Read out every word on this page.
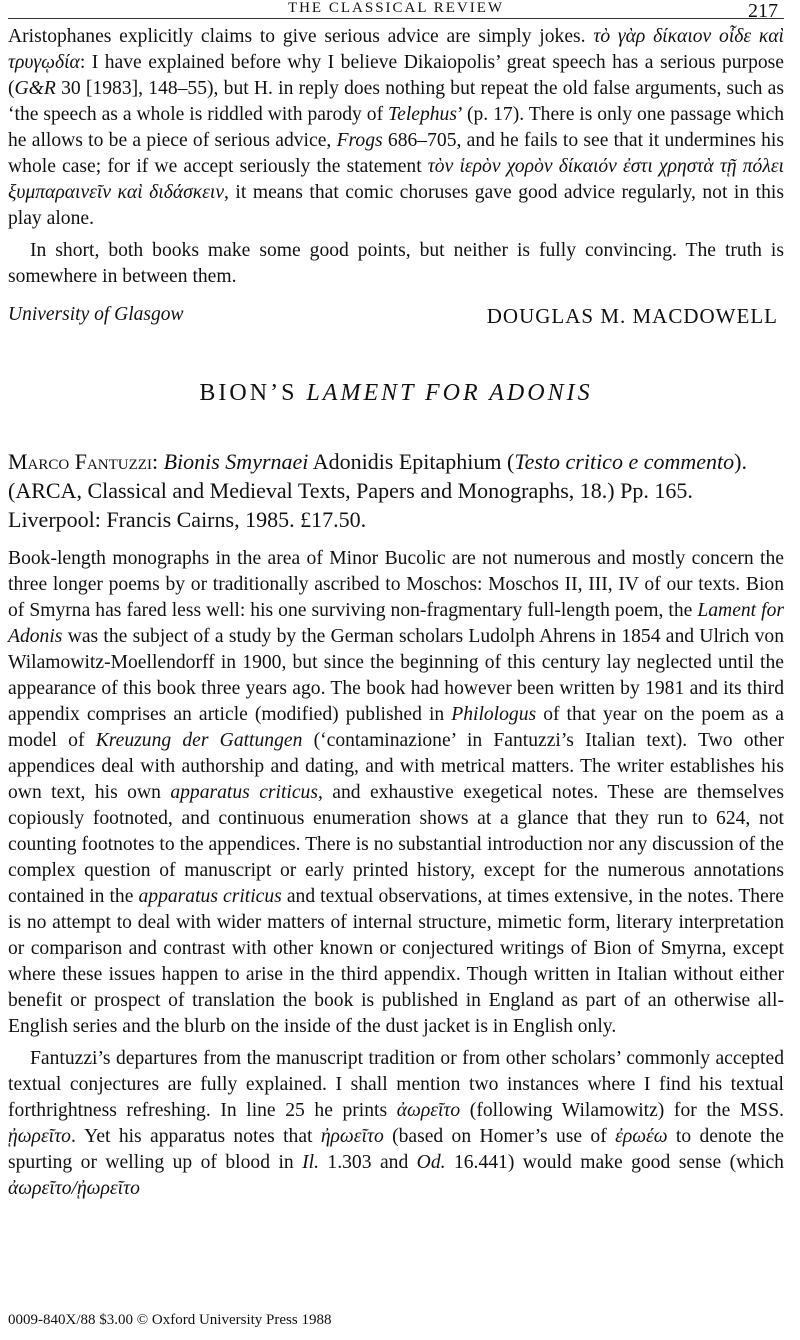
THE CLASSICAL REVIEW	217

Aristophanes explicitly claims to give serious advice are simply jokes. τὸ γὰρ δίκαιον οἶδε καὶ τρυγῳδία: I have explained before why I believe Dikaiopolis’ great speech has a serious purpose (G&R 30 [1983], 148–55), but H. in reply does nothing but repeat the old false arguments, such as ‘the speech as a whole is riddled with parody of Telephus’ (p. 17). There is only one passage which he allows to be a piece of serious advice, Frogs 686–705, and he fails to see that it undermines his whole case; for if we accept seriously the statement τὸν ἱερὸν χορὸν δίκαιόν ἐστι χρηστὰ τῇ πόλει ξυμπαραινεῖν καὶ διδάσκειν, it means that comic choruses gave good advice regularly, not in this play alone.

In short, both books make some good points, but neither is fully convincing. The truth is somewhere in between them.

University of Glasgow	DOUGLAS M. MACDOWELL
BION’S LAMENT FOR ADONIS

Marco Fantuzzi: Bionis Smyrnaei Adonidis Epitaphium (Testo critico e commento). (ARCA, Classical and Medieval Texts, Papers and Monographs, 18.) Pp. 165. Liverpool: Francis Cairns, 1985. £17.50.

Book-length monographs in the area of Minor Bucolic are not numerous and mostly concern the three longer poems by or traditionally ascribed to Moschos: Moschos II, III, IV of our texts. Bion of Smyrna has fared less well: his one surviving non-fragmentary full-length poem, the Lament for Adonis was the subject of a study by the German scholars Ludolph Ahrens in 1854 and Ulrich von Wilamowitz-Moellendorff in 1900, but since the beginning of this century lay neglected until the appearance of this book three years ago. The book had however been written by 1981 and its third appendix comprises an article (modified) published in Philologus of that year on the poem as a model of Kreuzung der Gattungen (‘contaminazione’ in Fantuzzi’s Italian text). Two other appendices deal with authorship and dating, and with metrical matters. The writer establishes his own text, his own apparatus criticus, and exhaustive exegetical notes. These are themselves copiously footnoted, and continuous enumeration shows at a glance that they run to 624, not counting footnotes to the appendices. There is no substantial introduction nor any discussion of the complex question of manuscript or early printed history, except for the numerous annotations contained in the apparatus criticus and textual observations, at times extensive, in the notes. There is no attempt to deal with wider matters of internal structure, mimetic form, literary interpretation or comparison and contrast with other known or conjectured writings of Bion of Smyrna, except where these issues happen to arise in the third appendix. Though written in Italian without either benefit or prospect of translation the book is published in England as part of an otherwise all-English series and the blurb on the inside of the dust jacket is in English only.

Fantuzzi’s departures from the manuscript tradition or from other scholars’ commonly accepted textual conjectures are fully explained. I shall mention two instances where I find his textual forthrightness refreshing. In line 25 he prints ἀωρεῖτο (following Wilamowitz) for the MSS. ᾐωρεῖτο. Yet his apparatus notes that ἠρωεῖτο (based on Homer’s use of ἐρωέω to denote the spurting or welling up of blood in Il. 1.303 and Od. 16.441) would make good sense (which ἀωρεῖτο/ᾐωρεῖτο

0009-840X/88 $3.00 © Oxford University Press 1988
